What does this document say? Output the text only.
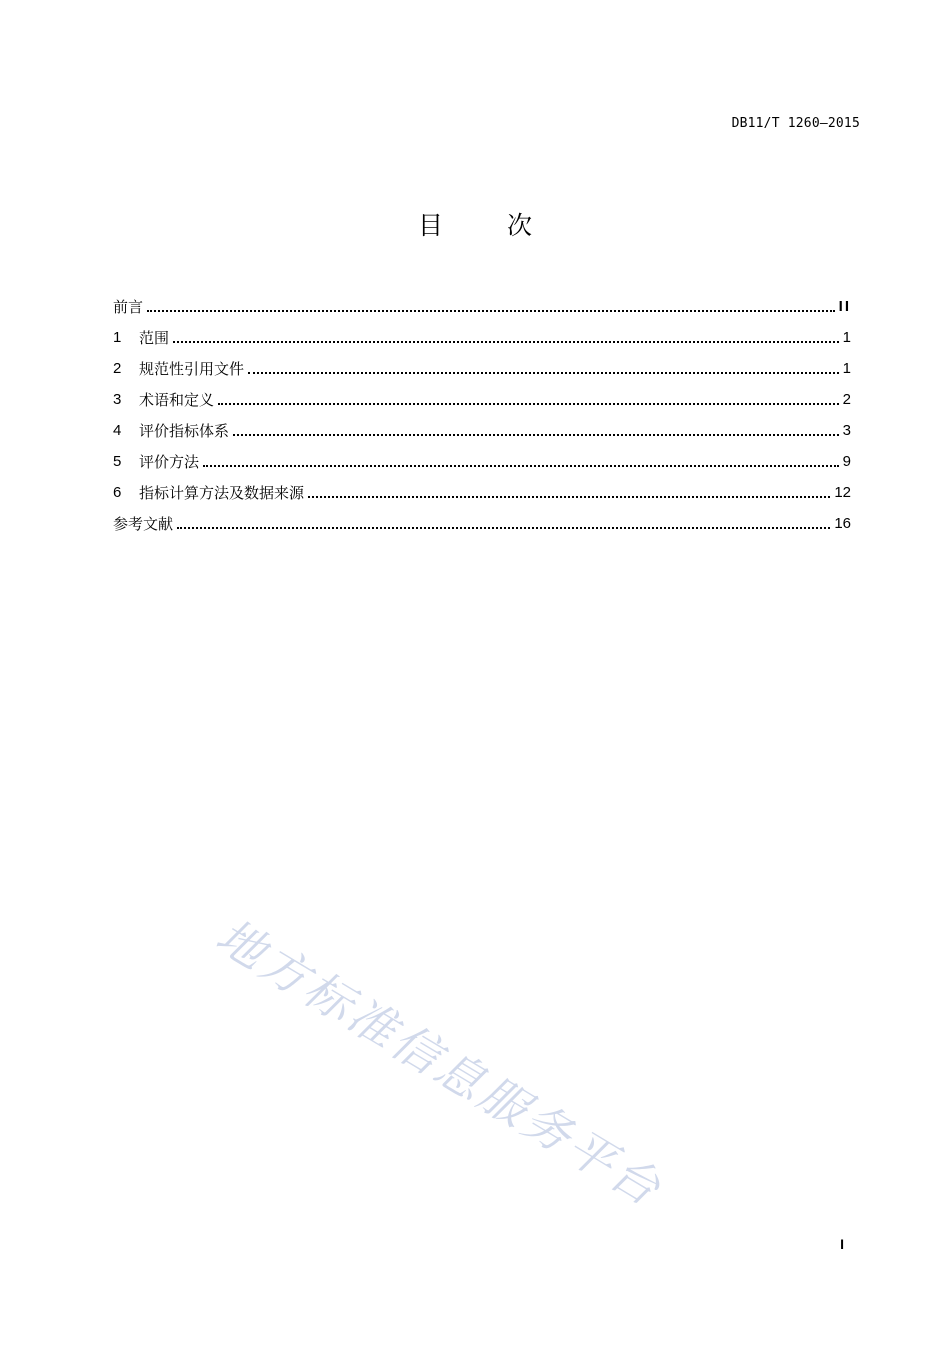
DB11/T 1260—2015
目 次
前言	II
1	范围	1
2	规范性引用文件	1
3	术语和定义	2
4	评价指标体系	3
5	评价方法	9
6	指标计算方法及数据来源	12
参考文献	16
地方标准信息服务平台
I
